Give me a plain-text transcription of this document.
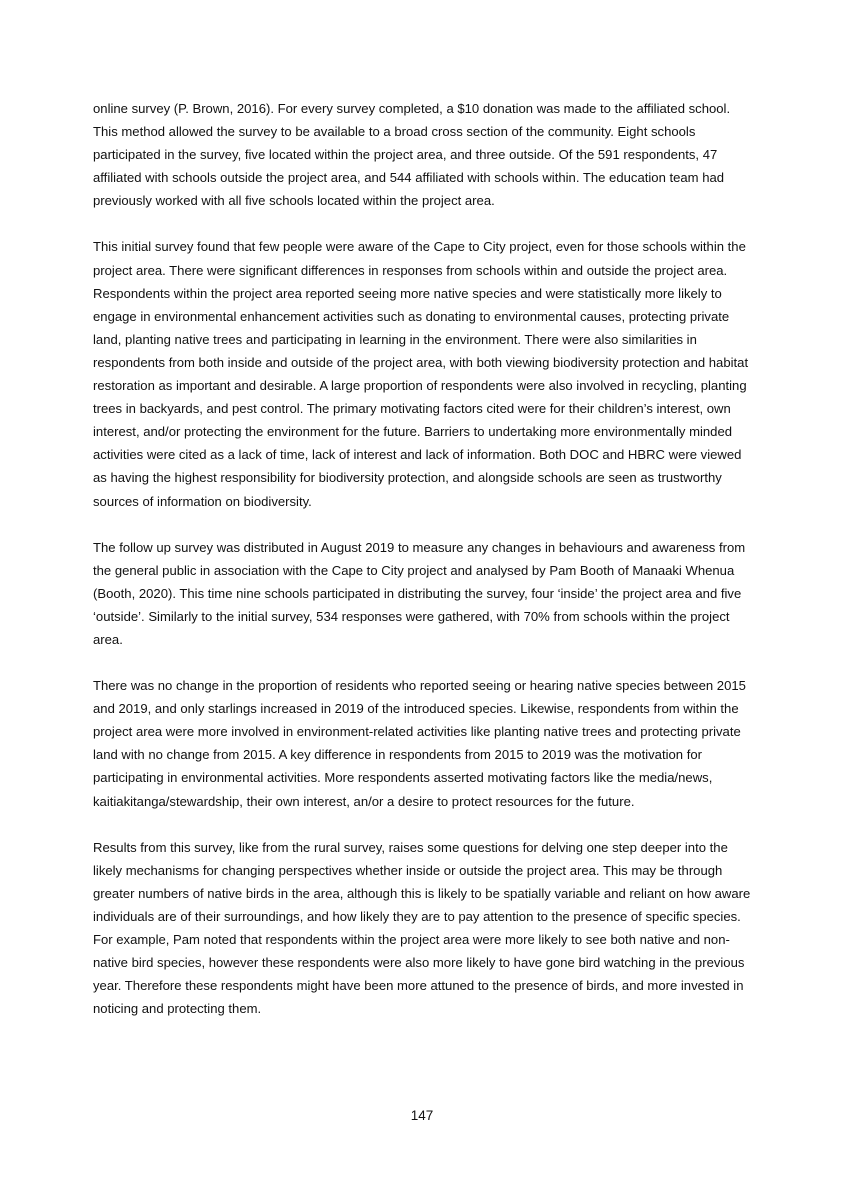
online survey (P. Brown, 2016). For every survey completed, a $10 donation was made to the affiliated school. This method allowed the survey to be available to a broad cross section of the community. Eight schools participated in the survey, five located within the project area, and three outside. Of the 591 respondents, 47 affiliated with schools outside the project area, and 544 affiliated with schools within. The education team had previously worked with all five schools located within the project area.

This initial survey found that few people were aware of the Cape to City project, even for those schools within the project area. There were significant differences in responses from schools within and outside the project area. Respondents within the project area reported seeing more native species and were statistically more likely to engage in environmental enhancement activities such as donating to environmental causes, protecting private land, planting native trees and participating in learning in the environment. There were also similarities in respondents from both inside and outside of the project area, with both viewing biodiversity protection and habitat restoration as important and desirable. A large proportion of respondents were also involved in recycling, planting trees in backyards, and pest control. The primary motivating factors cited were for their children’s interest, own interest, and/or protecting the environment for the future. Barriers to undertaking more environmentally minded activities were cited as a lack of time, lack of interest and lack of information. Both DOC and HBRC were viewed as having the highest responsibility for biodiversity protection, and alongside schools are seen as trustworthy sources of information on biodiversity.

The follow up survey was distributed in August 2019 to measure any changes in behaviours and awareness from the general public in association with the Cape to City project and analysed by Pam Booth of Manaaki Whenua (Booth, 2020). This time nine schools participated in distributing the survey, four ‘inside’ the project area and five ‘outside’. Similarly to the initial survey, 534 responses were gathered, with 70% from schools within the project area.

There was no change in the proportion of residents who reported seeing or hearing native species between 2015 and 2019, and only starlings increased in 2019 of the introduced species. Likewise, respondents from within the project area were more involved in environment-related activities like planting native trees and protecting private land with no change from 2015. A key difference in respondents from 2015 to 2019 was the motivation for participating in environmental activities. More respondents asserted motivating factors like the media/news, kaitiakitanga/stewardship, their own interest, an/or a desire to protect resources for the future.

Results from this survey, like from the rural survey, raises some questions for delving one step deeper into the likely mechanisms for changing perspectives whether inside or outside the project area. This may be through greater numbers of native birds in the area, although this is likely to be spatially variable and reliant on how aware individuals are of their surroundings, and how likely they are to pay attention to the presence of specific species. For example, Pam noted that respondents within the project area were more likely to see both native and non-native bird species, however these respondents were also more likely to have gone bird watching in the previous year. Therefore these respondents might have been more attuned to the presence of birds, and more invested in noticing and protecting them.

147
